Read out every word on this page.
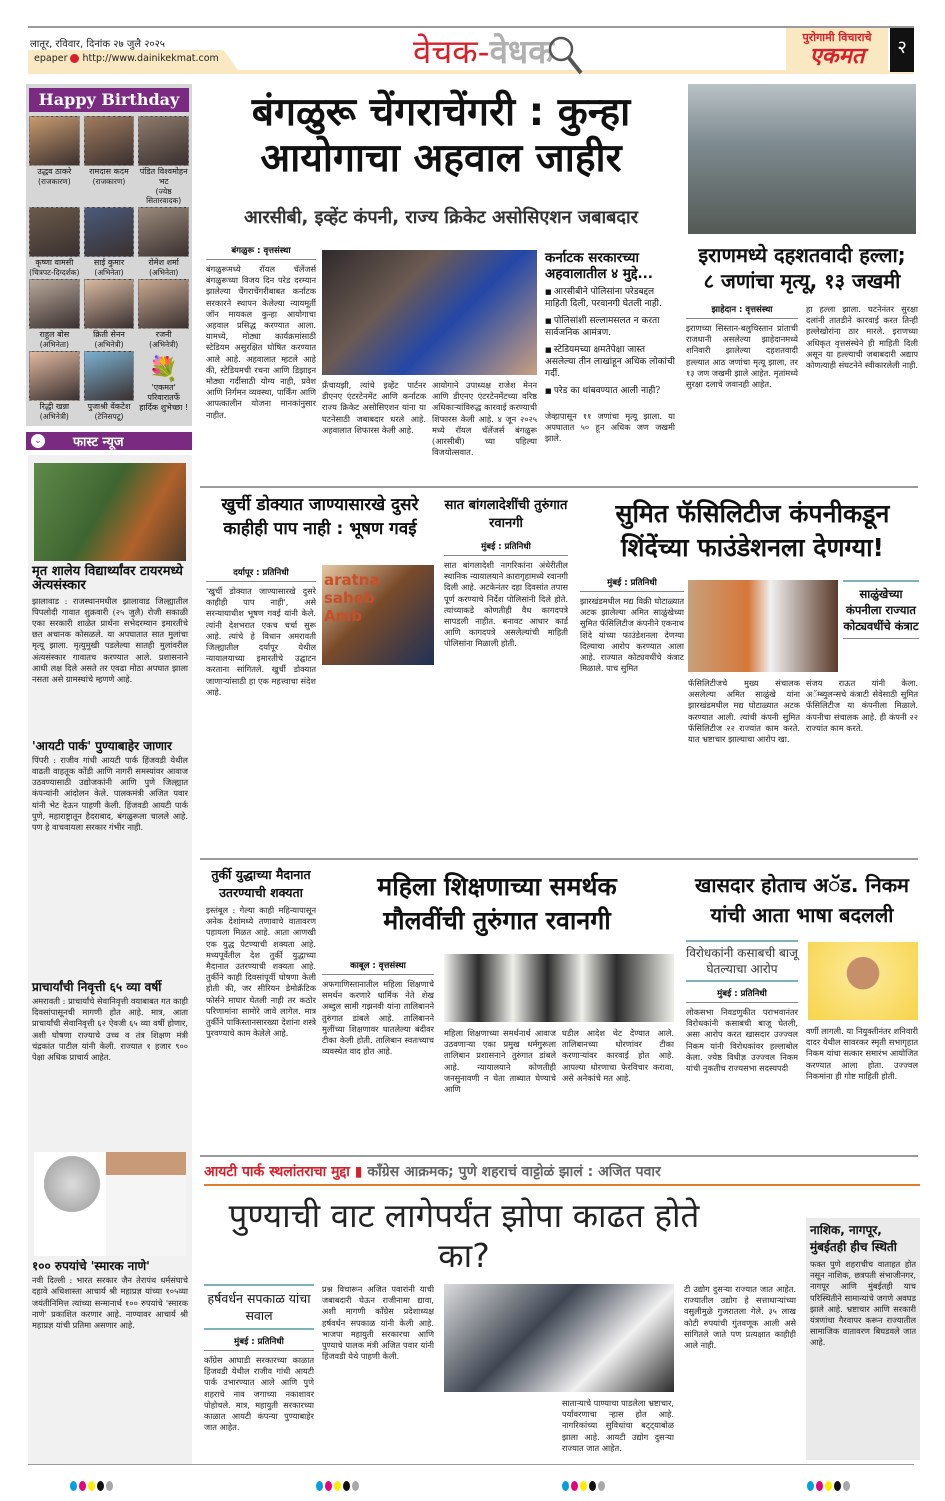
लातूर, रविवार, दिनांक २७ जुलै २०२५
epaper http://www.dainikekmat.com	वेचक - वेधक	पुरोगामी विचाराचे
एकमत	२
Happy Birthday
उद्धव ठाकरे
(राजकारण)
रामदास कदम
(राजकारण)
पंडित विश्वमोहन भट
(ज्येष्ठ सितारवादक)
कृष्णा वामसी
(चित्रपट-दिग्दर्शक)
साई कुमार
(अभिनेता)
रोमेश शर्मा
(अभिनेता)
राहुल बोस
(अभिनेता)
क्रिती सेनन
(अभिनेत्री)
रजनी
(अभिनेत्री)
रिद्धी खन्ना
(अभिनेत्री)
पुजाश्री वेंकटेश
(टेनिसपटू)
💐
'एकमत' परिवारातर्फे हार्दिक शुभेच्छा !
⌄ फास्ट न्यूज
मृत शालेय विद्यार्थ्यांवर टायरमध्ये अंत्यसंस्कार
झालावाड : राजस्थानमधील झालावाड जिल्ह्यातील पिपलोदी गावात शुक्रवारी (२५ जुलै) रोजी सकाळी एका सरकारी शाळेत प्रार्थना सभेदरम्यान इमारतीचे छत अचानक कोसळले. या अपघातात सात मुलांचा मृत्यू झाला. मृत्युमुखी पडलेल्या सातही मुलांवरील अंत्यसंस्कार गावातच करण्यात आले. प्रशासनाने आधी लक्ष दिले असते तर एवढा मोठा अपघात झाला नसता असे ग्रामस्थांचे म्हणणे आहे.
'आयटी पार्क' पुण्याबाहेर जाणार
पिंपरी : राजीव गांधी आयटी पार्क हिंजवडी येथील वाढती वाहतूक कोंडी आणि नागरी समस्यांवर आवाज उठवण्यासाठी उद्योजकांनी आणि पुणे जिल्ह्यात कंपन्यांनी आंदोलन केले. पालकमंत्री अजित पवार यांनी भेट देऊन पाहणी केली. हिंजवडी आयटी पार्क पुणे, महाराष्ट्रातून हैदराबाद, बंगळुरूला चालले आहे. पण हे वाचवायला सरकार गंभीर नाही.
प्राचार्यांची निवृत्ती ६५ व्या वर्षी
अमरावती : प्राचार्यांचे सेवानिवृत्ती वयाबाबत गत काही दिवसांपासूनची मागणी होत आहे. मात्र, आता प्राचार्यांची सेवानिवृत्ती ६२ ऐवजी ६५ व्या वर्षी होणार, अशी घोषणा राज्याचे उच्च व तंत्र शिक्षण मंत्री चंद्रकांत पाटील यांनी केली. राज्यात १ हजार ९०० पेक्षा अधिक प्राचार्य आहेत.
१०० रुपयांचे 'स्मारक नाणे'
नवी दिल्ली : भारत सरकार जैन तेरापंथ धर्मसंघाचे दहावे अधिशास्ता आचार्य श्री महाप्रज्ञ यांच्या १०५व्या जयंतीनिमित्त त्यांच्या सन्मानार्थ १०० रुपयांचे 'स्मारक नाणे' प्रकाशित करणार आहे. नाण्यावर आचार्य श्री महाप्रज्ञ यांची प्रतिमा असणार आहे.
बंगळुरू चेंगराचेंगरी : कुन्हा
आयोगाचा अहवाल जाहीर
आरसीबी, इव्हेंट कंपनी, राज्य क्रिकेट असोसिएशन जबाबदार
बंगळुरू : वृत्तसंस्था
बंगळुरूमध्ये रॉयल चॅलेंजर्स बंगळुरूच्या विजय दिन परेड दरम्यान झालेल्या चेंगराचेंगरीबाबत कर्नाटक सरकारने स्थापन केलेल्या न्यायमूर्ती जॉन मायकल कुन्हा आयोगाचा अहवाल प्रसिद्ध करण्यात आला. यामध्ये, मोठ्या कार्यक्रमांसाठी स्टेडियम असुरक्षित घोषित करण्यात आले आहे. अहवालात म्हटले आहे की, स्टेडियमची रचना आणि डिझाइन मोठ्या गर्दीसाठी योग्य नाही, प्रवेश आणि निर्गमन व्यवस्था, पार्किंग आणि आपत्कालीन योजना मानकांनुसार नाहीत.
फ्रँचायझी, त्यांचे इव्हेंट पार्टनर डीएनए एंटरटेनमेंट आणि कर्नाटक राज्य क्रिकेट असोसिएशन यांना या घटनेसाठी जबाबदार धरले आहे. अहवालात शिफारस केली आहे.
आयोगाने उपाध्यक्ष राजेश मेनन आणि डीएनए एंटरटेनमेंटच्या वरिष्ठ अधिकाऱ्यांविरुद्ध कारवाई करण्याची शिफारस केली आहे. ४ जून २०२५ मध्ये रॉयल चॅलेंजर्स बंगळुरू (आरसीबी) च्या पहिल्या विजयोत्सवात.
कर्नाटक सरकारच्या अहवालातील ४ मुद्दे...
■ आरसीबीने पोलिसांना परेडबद्दल माहिती दिली, परवानगी घेतली नाही.
■ पोलिसांशी सल्लामसलत न करता सार्वजनिक आमंत्रण.
■ स्टेडियमच्या क्षमतेपेक्षा जास्त असलेल्या तीन लाखांहून अधिक लोकांची गर्दी.
■ परेड का थांबवण्यात आली नाही?
जेव्हापासून ११ जणांचा मृत्यू झाला. या अपघातात ५० हून अधिक जण जखमी झाले.
इराणमध्ये दहशतवादी हल्ला;
८ जणांचा मृत्यू, १३ जखमी
झाहेदान : वृत्तसंस्था
इराणच्या सिस्तान-बलुचिस्तान प्रांताची राजधानी असलेल्या झाहेदानमध्ये शनिवारी झालेल्या दहशतवादी हल्ल्यात आठ जणांचा मृत्यू झाला, तर १३ जण जखमी झाले आहेत. मृतांमध्ये सुरक्षा दलाचे जवानही आहेत.
हा हल्ला झाला. घटनेनंतर सुरक्षा दलांनी तातडीने कारवाई करत तिन्ही हल्लेखोरांना ठार मारले. इराणच्या अधिकृत वृत्तसंस्थेने ही माहिती दिली असून या हल्ल्याची जबाबदारी अद्याप कोणत्याही संघटनेने स्वीकारलेली नाही.
खुर्ची डोक्यात जाण्यासारखे दुसरे काहीही पाप नाही : भूषण गवई
दर्यापूर : प्रतिनिधी
'खुर्ची डोक्यात जाण्यासारखे दुसरे काहीही पाप नाही', असे सरन्यायाधीश भूषण गवई यांनी केले. त्यांनी देशभरात एकच चर्चा सुरू आहे. त्यांचे हे विधान अमरावती जिल्ह्यातील दर्यापूर येथील न्यायालयाच्या इमारतीचे उद्घाटन करताना सांगितले. खुर्ची डोक्यात जाणाऱ्यांसाठी हा एक महत्त्वाचा संदेश आहे.
aratna saheb Amb
सात बांगलादेशींची तुरुंगात रवानगी
मुंबई : प्रतिनिधी
सात बांगलादेशी नागरिकांना अंधेरीतील स्थानिक न्यायालयाने कारागृहामध्ये रवानगी दिली आहे. अटकेनंतर दहा दिवसांत तपास पूर्ण करण्याचे निर्देश पोलिसांनी दिले होते. त्यांच्याकडे कोणतीही वैध कागदपत्रे सापडली नाहीत. बनावट आधार कार्ड आणि कागदपत्रे असलेल्यांची माहिती पोलिसांना मिळाली होती.
सुमित फॅसिलिटीज कंपनीकडून शिंदेंच्या फाउंडेशनला देणग्या!
मुंबई : प्रतिनिधी
झारखंडमधील मद्य विक्री घोटाळ्यात अटक झालेल्या अमित साळुंखेच्या सुमित फॅसिलिटीज कंपनीने एकनाथ शिंदे यांच्या फाउंडेशनला देणग्या दिल्याचा आरोप करण्यात आला आहे. राज्यात कोट्यवधींचे कंत्राट मिळाले. पाच सुमित
साळुंखेच्या कंपनीला राज्यात कोट्यवधींचे कंत्राट
फॅसिलिटीजचे मुख्य संचालक असलेल्या अमित साळुंखे यांना झारखंडमधील मद्य घोटाळ्यात अटक करण्यात आली. त्यांची कंपनी सुमित फॅसिलिटीज २२ राज्यांत काम करते. यात भ्रष्टाचार झाल्याचा आरोप खा.
संजय राऊत यांनी केला. अॅम्ब्युलन्सचे कंत्राटी सेवेसाठी सुमित फॅसिलिटीज या कंपनीला मिळाले. कंपनीचा संचालक आहे. ही कंपनी २२ राज्यांत काम करते.
तुर्की युद्धाच्या मैदानात उतरण्याची शक्यता
इस्तंबूल : गेल्या काही महिन्यापासून अनेक देशांमध्ये तणावाचे वातावरण पहायला मिळत आहे. आता आणखी एक युद्ध पेटण्याची शक्यता आहे. मध्यपूर्वेतील देश तुर्की युद्धाच्या मैदानात उतरण्याची शक्यता आहे. तुर्कीने काही दिवसांपूर्वी घोषणा केली होती की, जर सीरियन डेमोक्रॅटिक फोर्सने माघार घेतली नाही तर कठोर परिणामांना सामोरे जावे लागेल. मात्र तुर्कीने पाकिस्तानसारख्या देशांना शस्त्रे पुरवण्याचे काम केलेले आहे.
महिला शिक्षणाच्या समर्थक
मौलवींची तुरुंगात रवानगी
काबूल : वृत्तसंस्था
अफगाणिस्तानातील महिला शिक्षणाचे समर्थन करणारे धार्मिक नेते शेख अब्दुल सामी गझनवी यांना तालिबानने तुरुंगात डांबले आहे. तालिबानने मुलींच्या शिक्षणावर घातलेल्या बंदीवर टीका केली होती. तालिबान स्वतःच्याच व्यवस्थेत वाद होत आहे.
महिला शिक्षणाच्या समर्थनार्थ आवाज उठवणाऱ्या एका प्रमुख धर्मगुरूला तालिबान प्रशासनाने तुरुंगात डांबले आहे. न्यायालयाने कोणतीही जनसुनावणी न घेता ताब्यात घेण्याचे आणि
घडील आदेश थेट देण्यात आले. तालिबानच्या धोरणांवर टीका करणाऱ्यांवर कारवाई होत आहे. आपल्या धोरणाचा फेरविचार करावा, असे अनेकांचे मत आहे.
खासदार होताच अॅड. निकम यांची आता भाषा बदलली
विरोधकांनी कसाबची बाजू घेतल्याचा आरोप
मुंबई : प्रतिनिधी
लोकसभा निवडणुकीत पराभवानंतर विरोधकांनी कसाबची बाजू घेतली, असा आरोप करत खासदार उज्ज्वल निकम यांनी विरोधकांवर हल्लाबोल केला. ज्येष्ठ विधीज्ञ उज्ज्वल निकम यांची नुकतीच राज्यसभा सदस्यपदी
वर्णी लागली. या नियुक्तीनंतर शनिवारी दादर येथील सावरकर स्मृती सभागृहात निकम यांचा सत्कार समारंभ आयोजित करण्यात आला होता. उज्ज्वल निकमांना ही गोष्ट माहिती होती.
आयटी पार्क स्थलांतराचा मुद्दा ▮ कॉंग्रेस आक्रमक; पुणे शहराचं वाट्टोळं झालं : अजित पवार
पुण्याची वाट लागेपर्यंत झोपा काढत होते का?
हर्षवर्धन सपकाळ यांचा सवाल
मुंबई : प्रतिनिधी
कॉंग्रेस आघाडी सरकारच्या काळात हिंजवडी येथील राजीव गांधी आयटी पार्क उभारण्यात आले आणि पुणे शहराचे नाव जगाच्या नकाशावर पोहोचले. मात्र, महायुती सरकारच्या काळात आयटी कंपन्या पुण्याबाहेर जात आहेत.
प्रश्न विचारून अजित पवारांनी याची जबाबदारी घेऊन राजीनामा द्यावा, अशी मागणी कॉंग्रेस प्रदेशाध्यक्ष हर्षवर्धन सपकाळ यांनी केली आहे. भाजपा महायुती सरकारचा आणि पुण्याचे पालक मंत्री अजित पवार यांनी हिंजवडी येथे पाहणी केली.
साताऱ्याचे पाण्याचा पाडलेला भ्रष्टाचार, पर्यावरणाचा ऱ्हास होत आहे. नागरिकांच्या सुविधांचा बट्ट्याबोळ झाला आहे. आयटी उद्योग दुसऱ्या राज्यात जात आहेत.
टी उद्योग दुसऱ्या राज्यात जात आहेत. राज्यातील उद्योग हे सत्ताधाऱ्यांच्या वसुलीमुळे गुजरातला गेले. ३५ लाख कोटी रुपयांची गुंतवणूक आली असे सांगितले जाते पण प्रत्यक्षात काहीही आले नाही.
नाशिक, नागपूर, मुंबईतही हीच स्थिती
फक्त पुणे शहराचीच वाताहत होत नसून नाशिक, छत्रपती संभाजीनगर, नागपूर आणि मुंबईतही याच परिस्थितीने सामान्यांचे जगणे अवघड झाले आहे. भ्रष्टाचार आणि सरकारी यंत्रणांचा गैरवापर करून राज्यातील सामाजिक वातावरण बिघडवले जात आहे.
